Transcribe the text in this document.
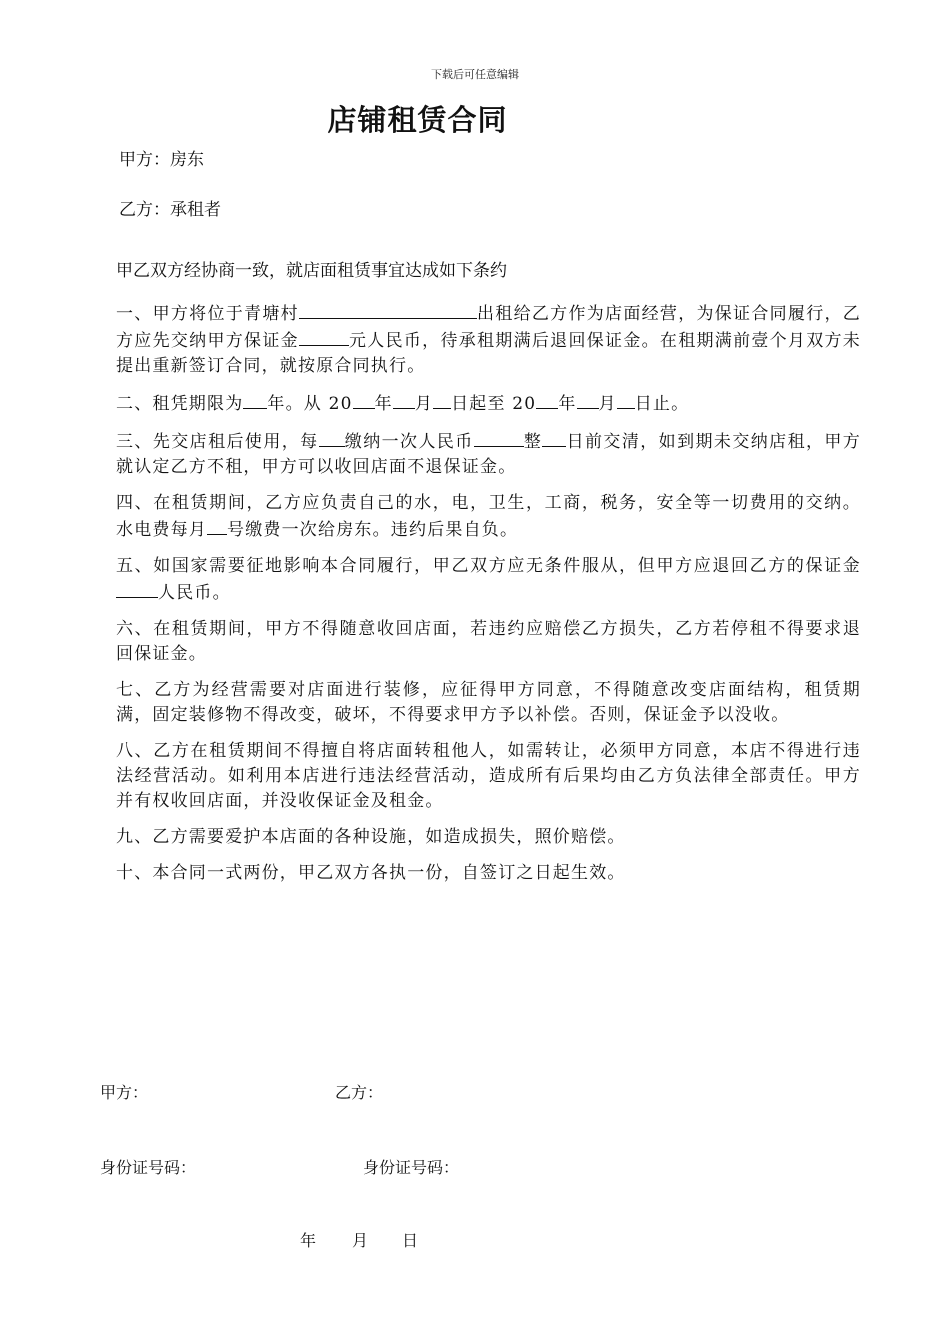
下载后可任意编辑
店铺租赁合同
甲方：房东
乙方：承租者
甲乙双方经协商一致，就店面租赁事宜达成如下条约

一、甲方将位于青塘村	出租给乙方作为店面经营，为保证合同履行，乙方应先交纳甲方保证金	元人民币，待承租期满后退回保证金。在租期满前壹个月双方未提出重新签订合同，就按原合同执行。

二、租凭期限为 年。从 20 年 月 日起至 20 年 月 日止。

三、先交店租后使用，每 缴纳一次人民币	整 日前交清，如到期未交纳店租，甲方就认定乙方不租，甲方可以收回店面不退保证金。

四、在租赁期间，乙方应负责自己的水，电，卫生，工商，税务，安全等一切费用的交纳。水电费每月 号缴费一次给房东。违约后果自负。

五、如国家需要征地影响本合同履行，甲乙双方应无条件服从，但甲方应退回乙方的保证金人民币。

六、在租赁期间，甲方不得随意收回店面，若违约应赔偿乙方损失，乙方若停租不得要求退回保证金。

七、乙方为经营需要对店面进行装修，应征得甲方同意，不得随意改变店面结构，租赁期满，固定装修物不得改变，破坏，不得要求甲方予以补偿。否则，保证金予以没收。

八、乙方在租赁期间不得擅自将店面转租他人，如需转让，必须甲方同意，本店不得进行违法经营活动。如利用本店进行违法经营活动，造成所有后果均由乙方负法律全部责任。甲方并有权收回店面，并没收保证金及租金。

九、乙方需要爱护本店面的各种设施，如造成损失，照价赔偿。

十、本合同一式两份，甲乙双方各执一份，自签订之日起生效。

甲方：	乙方：
身份证号码：	身份证号码：
年 月 日
